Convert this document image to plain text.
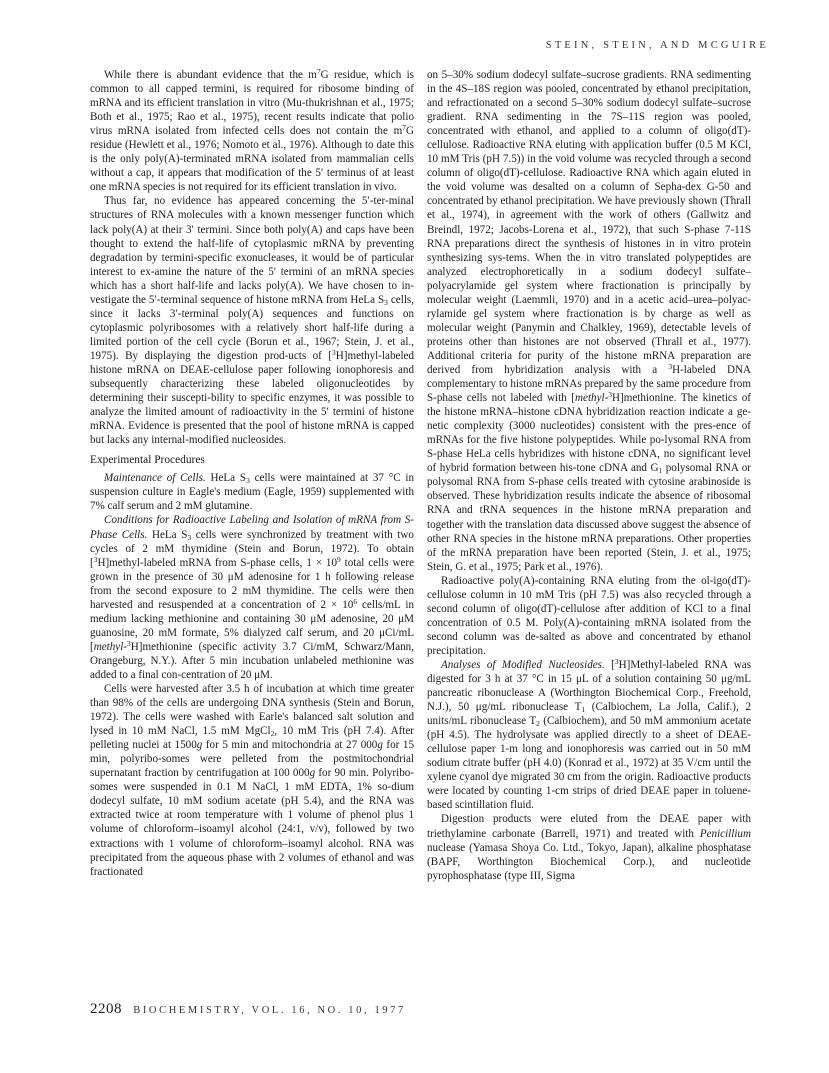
STEIN, STEIN, AND MCGUIRE

While there is abundant evidence that the $m^7G$ residue, which is common to all capped termini, is required for ribosome binding of mRNA and its efficient translation in vitro (Mu-thukrishnan et al., 1975; Both et al., 1975; Rao et al., 1975), recent results indicate that polio virus mRNA isolated from infected cells does not contain the $m^7G$ residue (Hewlett et al., 1976; Nomoto et al., 1976). Although to date this is the only poly(A)-terminated mRNA isolated from mammalian cells without a cap, it appears that modification of the 5′ terminus of at least one mRNA species is not required for its efficient translation in vivo.

Thus far, no evidence has appeared concerning the 5′-ter-minal structures of RNA molecules with a known messenger function which lack poly(A) at their 3′ termini. Since both poly(A) and caps have been thought to extend the half-life of cytoplasmic mRNA by preventing degradation by termini-specific exonucleases, it would be of particular interest to ex-amine the nature of the 5′ termini of an mRNA species which has a short half-life and lacks poly(A). We have chosen to in-vestigate the 5′-terminal sequence of histone mRNA from HeLa $S_3$ cells, since it lacks 3′-terminal poly(A) sequences and functions on cytoplasmic polyribosomes with a relatively short half-life during a limited portion of the cell cycle (Borun et al., 1967; Stein, J. et al., 1975). By displaying the digestion prod-ucts of [$^3$H]methyl-labeled histone mRNA on DEAE-cellulose paper following ionophoresis and subsequently characterizing these labeled oligonucleotides by determining their suscepti-bility to specific enzymes, it was possible to analyze the limited amount of radioactivity in the 5′ termini of histone mRNA. Evidence is presented that the pool of histone mRNA is capped but lacks any internal-modified nucleosides.

Experimental Procedures

Maintenance of Cells. HeLa $S_3$ cells were maintained at 37 °C in suspension culture in Eagle's medium (Eagle, 1959) supplemented with 7% calf serum and 2 mM glutamine.

Conditions for Radioactive Labeling and Isolation of mRNA from S-Phase Cells. HeLa $S_3$ cells were synchronized by treatment with two cycles of 2 mM thymidine (Stein and Borun, 1972). To obtain [$^3$H]methyl-labeled mRNA from S-phase cells, $1 \times 10^9$ total cells were grown in the presence of 30 μM adenosine for 1 h following release from the second exposure to 2 mM thymidine. The cells were then harvested and resuspended at a concentration of $2 \times 10^6$ cells/mL in medium lacking methionine and containing 30 μM adenosine, 20 μM guanosine, 20 mM formate, 5% dialyzed calf serum, and 20 μCi/mL [methyl-$^3$H]methionine (specific activity 3.7 Ci/mM, Schwarz/Mann, Orangeburg, N.Y.). After 5 min incubation unlabeled methionine was added to a final con-centration of 20 μM.

Cells were harvested after 3.5 h of incubation at which time greater than 98% of the cells are undergoing DNA synthesis (Stein and Borun, 1972). The cells were washed with Earle's balanced salt solution and lysed in 10 mM NaCl, 1.5 mM MgCl$_2$, 10 mM Tris (pH 7.4). After pelleting nuclei at 1500g for 5 min and mitochondria at 27 000g for 15 min, polyribo-somes were pelleted from the postmitochondrial supernatant fraction by centrifugation at 100 000g for 90 min. Polyribo-somes were suspended in 0.1 M NaCl, 1 mM EDTA, 1% so-dium dodecyl sulfate, 10 mM sodium acetate (pH 5.4), and the RNA was extracted twice at room temperature with 1 volume of phenol plus 1 volume of chloroform–isoamyl alcohol (24:1, v/v), followed by two extractions with 1 volume of chloroform–isoamyl alcohol. RNA was precipitated from the aqueous phase with 2 volumes of ethanol and was fractionated

on 5–30% sodium dodecyl sulfate–sucrose gradients. RNA sedimenting in the 4S–18S region was pooled, concentrated by ethanol precipitation, and refractionated on a second 5–30% sodium dodecyl sulfate–sucrose gradient. RNA sedimenting in the 7S–11S region was pooled, concentrated with ethanol, and applied to a column of oligo(dT)-cellulose. Radioactive RNA eluting with application buffer (0.5 M KCl, 10 mM Tris (pH 7.5)) in the void volume was recycled through a second column of oligo(dT)-cellulose. Radioactive RNA which again eluted in the void volume was desalted on a column of Sepha-dex G-50 and concentrated by ethanol precipitation. We have previously shown (Thrall et al., 1974), in agreement with the work of others (Gallwitz and Breindl, 1972; Jacobs-Lorena et al., 1972), that such S-phase 7-11S RNA preparations direct the synthesis of histones in in vitro protein synthesizing sys-tems. When the in vitro translated polypeptides are analyzed electrophoretically in a sodium dodecyl sulfate–polyacrylamide gel system where fractionation is principally by molecular weight (Laemmli, 1970) and in a acetic acid–urea–polyac-rylamide gel system where fractionation is by charge as well as molecular weight (Panymin and Chalkley, 1969), detectable levels of proteins other than histones are not observed (Thrall et al., 1977). Additional criteria for purity of the histone mRNA preparation are derived from hybridization analysis with a $^3$H-labeled DNA complementary to histone mRNAs prepared by the same procedure from S-phase cells not labeled with [methyl-$^3$H]methionine. The kinetics of the histone mRNA–histone cDNA hybridization reaction indicate a ge-netic complexity (3000 nucleotides) consistent with the pres-ence of mRNAs for the five histone polypeptides. While po-lysomal RNA from S-phase HeLa cells hybridizes with histone cDNA, no significant level of hybrid formation between his-tone cDNA and $G_1$ polysomal RNA or polysomal RNA from S-phase cells treated with cytosine arabinoside is observed. These hybridization results indicate the absence of ribosomal RNA and tRNA sequences in the histone mRNA preparation and together with the translation data discussed above suggest the absence of other RNA species in the histone mRNA preparations. Other properties of the mRNA preparation have been reported (Stein, J. et al., 1975; Stein, G. et al., 1975; Park et al., 1976).

Radioactive poly(A)-containing RNA eluting from the ol-igo(dT)-cellulose column in 10 mM Tris (pH 7.5) was also recycled through a second column of oligo(dT)-cellulose after addition of KCl to a final concentration of 0.5 M. Poly(A)-containing mRNA isolated from the second column was de-salted as above and concentrated by ethanol precipitation.

Analyses of Modified Nucleosides. [$^3$H]Methyl-labeled RNA was digested for 3 h at 37 °C in 15 μL of a solution containing 50 μg/mL pancreatic ribonuclease A (Worthington Biochemical Corp., Freehold, N.J.), 50 μg/mL ribonuclease $T_1$ (Calbiochem, La Jolla, Calif.), 2 units/mL ribonuclease $T_2$ (Calbiochem), and 50 mM ammonium acetate (pH 4.5). The hydrolysate was applied directly to a sheet of DEAE-cellulose paper 1-m long and ionophoresis was carried out in 50 mM sodium citrate buffer (pH 4.0) (Konrad et al., 1972) at 35 V/cm until the xylene cyanol dye migrated 30 cm from the origin. Radioactive products were located by counting 1-cm strips of dried DEAE paper in toluene-based scintillation fluid.

Digestion products were eluted from the DEAE paper with triethylamine carbonate (Barrell, 1971) and treated with Penicillium nuclease (Yamasa Shoya Co. Ltd., Tokyo, Japan), alkaline phosphatase (BAPF, Worthington Biochemical Corp.), and nucleotide pyrophosphatase (type III, Sigma

2208 BIOCHEMISTRY, VOL. 16, NO. 10, 1977
